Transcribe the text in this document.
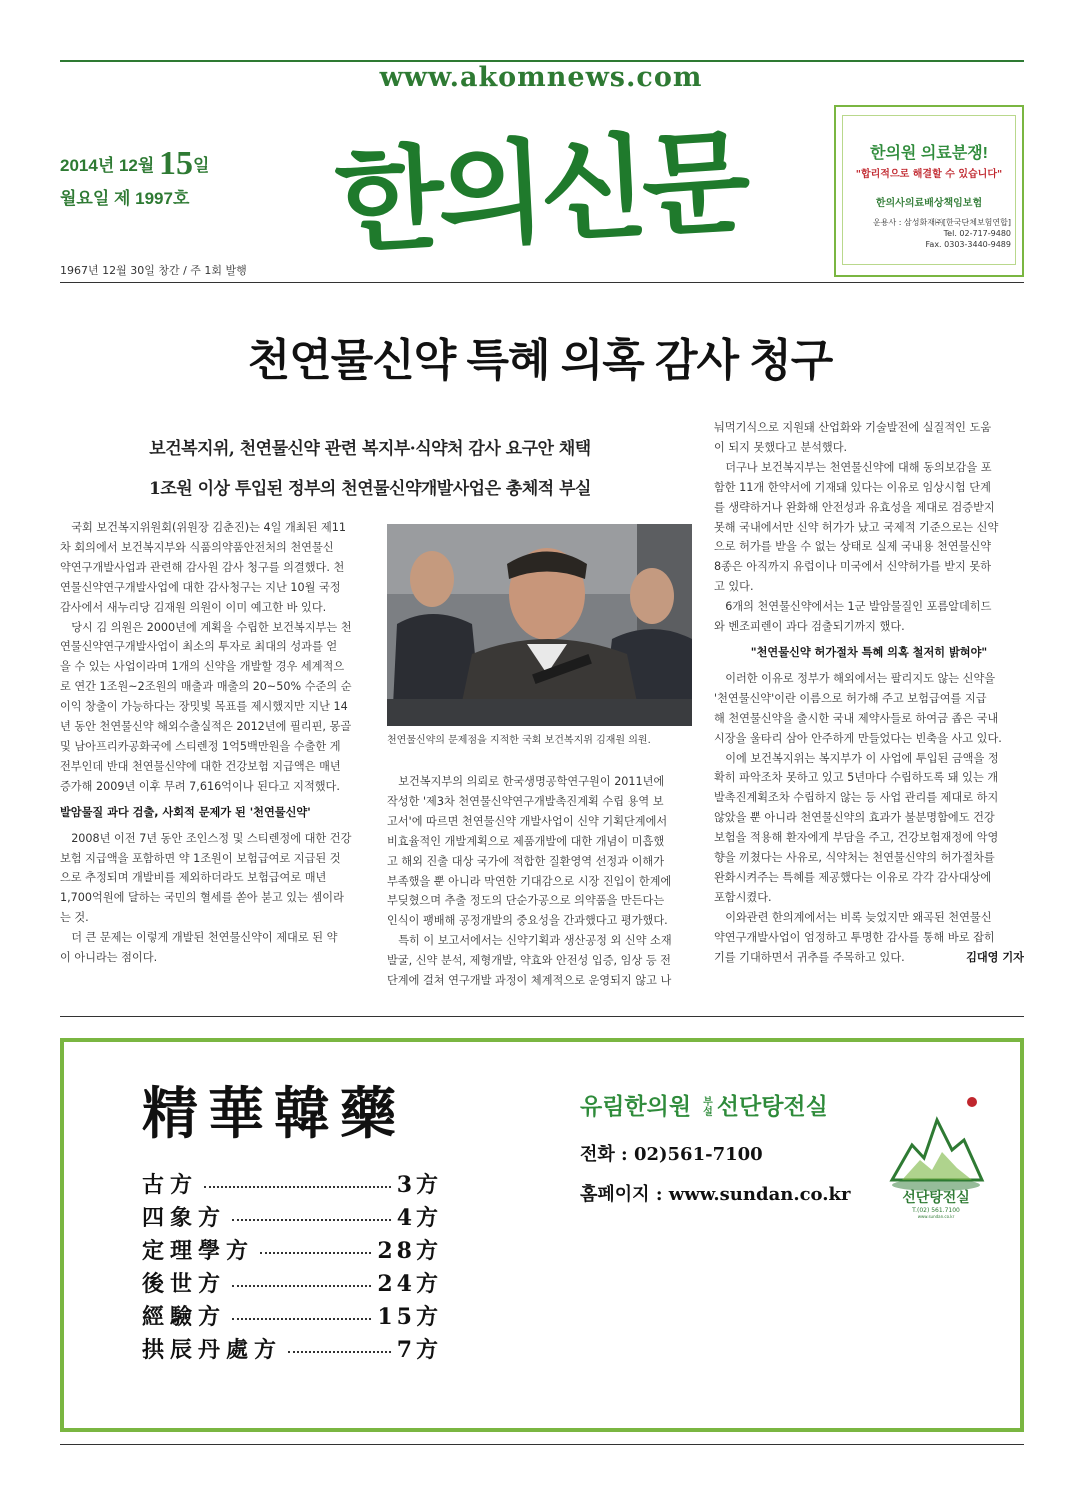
www.akomnews.com
2014년 12월 15일
월요일 제 1997호
1967년 12월 30일 창간 / 주 1회 발행
한의신문	한의원 의료분쟁!
"합리적으로 해결할 수 있습니다"
한의사의료배상책임보험
운용사 : 삼성화재㈜[한국단체보험연합]
Tel. 02-717-9480
Fax. 0303-3440-9489
천연물신약 특혜 의혹 감사 청구
보건복지위, 천연물신약 관련 복지부·식약처 감사 요구안 채택
1조원 이상 투입된 정부의 천연물신약개발사업은 총체적 부실

　국회 보건복지위원회(위원장 김춘진)는 4일 개최된 제11

차 회의에서 보건복지부와 식품의약품안전처의 천연물신

약연구개발사업과 관련해 감사원 감사 청구를 의결했다. 천

연물신약연구개발사업에 대한 감사청구는 지난 10월 국정

감사에서 새누리당 김재원 의원이 이미 예고한 바 있다.

　당시 김 의원은 2000년에 계획을 수립한 보건복지부는 천

연물신약연구개발사업이 최소의 투자로 최대의 성과를 얻

을 수 있는 사업이라며 1개의 신약을 개발할 경우 세계적으

로 연간 1조원~2조원의 매출과 매출의 20~50% 수준의 순

이익 창출이 가능하다는 장밋빛 목표를 제시했지만 지난 14

년 동안 천연물신약 해외수출실적은 2012년에 필리핀, 몽골

및 남아프리카공화국에 스티렌정 1억5백만원을 수출한 게

전부인데 반대 천연물신약에 대한 건강보험 지급액은 매년

증가해 2009년 이후 무려 7,616억이나 된다고 지적했다.

발암물질 과다 검출, 사회적 문제가 된 '천연물신약'

　2008년 이전 7년 동안 조인스정 및 스티렌정에 대한 건강

보험 지급액을 포함하면 약 1조원이 보험급여로 지급된 것

으로 추정되며 개발비를 제외하더라도 보험급여로 매년

1,700억원에 달하는 국민의 혈세를 쏟아 붇고 있는 셈이라

는 것.

　더 큰 문제는 이렇게 개발된 천연물신약이 제대로 된 약

이 아니라는 점이다.

천연물신약의 문제점을 지적한 국회 보건복지위 김재원 의원.

　보건복지부의 의뢰로 한국생명공학연구원이 2011년에

작성한 '제3차 천연물신약연구개발촉진계획 수립 용역 보

고서'에 따르면 천연물신약 개발사업이 신약 기획단계에서

비효율적인 개발계획으로 제품개발에 대한 개념이 미흡했

고 해외 진출 대상 국가에 적합한 질환영역 선정과 이해가

부족했을 뿐 아니라 막연한 기대감으로 시장 진입이 한계에

부딪혔으며 추출 정도의 단순가공으로 의약품을 만든다는

인식이 팽배해 공정개발의 중요성을 간과했다고 평가했다.

　특히 이 보고서에서는 신약기획과 생산공정 외 신약 소재

발굴, 신약 분석, 제형개발, 약효와 안전성 입증, 임상 등 전

단계에 걸쳐 연구개발 과정이 체계적으로 운영되지 않고 나

눠먹기식으로 지원돼 산업화와 기술발전에 실질적인 도움

이 되지 못했다고 분석했다.

　더구나 보건복지부는 천연물신약에 대해 동의보감을 포

함한 11개 한약서에 기재돼 있다는 이유로 임상시험 단계

를 생략하거나 완화해 안전성과 유효성을 제대로 검증받지

못해 국내에서만 신약 허가가 났고 국제적 기준으로는 신약

으로 허가를 받을 수 없는 상태로 실제 국내용 천연물신약

8종은 아직까지 유럽이나 미국에서 신약허가를 받지 못하

고 있다.

　6개의 천연물신약에서는 1군 발암물질인 포름알데히드

와 벤조피렌이 과다 검출되기까지 했다.

"천연물신약 허가절차 특혜 의혹 철저히 밝혀야"

　이러한 이유로 정부가 해외에서는 팔리지도 않는 신약을

'천연물신약'이란 이름으로 허가해 주고 보험급여를 지급

해 천연물신약을 출시한 국내 제약사들로 하여금 좁은 국내

시장을 울타리 삼아 안주하게 만들었다는 빈축을 사고 있다.

　이에 보건복지위는 복지부가 이 사업에 투입된 금액을 정

확히 파악조차 못하고 있고 5년마다 수립하도록 돼 있는 개

발촉진계획조차 수립하지 않는 등 사업 관리를 제대로 하지

않았을 뿐 아니라 천연물신약의 효과가 불분명함에도 건강

보험을 적용해 환자에게 부담을 주고, 건강보험재정에 악영

향을 끼쳤다는 사유로, 식약처는 천연물신약의 허가절차를

완화시켜주는 특혜를 제공했다는 이유로 각각 감사대상에

포함시켰다.

　이와관련 한의계에서는 비록 늦었지만 왜곡된 천연물신

약연구개발사업이 엄정하고 투명한 감사를 통해 바로 잡히

기를 기대하면서 귀추를 주목하고 있다.	김대영 기자

精華韓藥
古方	3方
四象方	4方
定理學方	28方
後世方	24方
經驗方	15方
拱辰丹處方	7方
유림한의원 부
설 선단탕전실
전화 : 02)561-7100
홈페이지 : www.sundan.co.kr	선단탕전실
T.(02) 561.7100
www.sundan.co.kr
